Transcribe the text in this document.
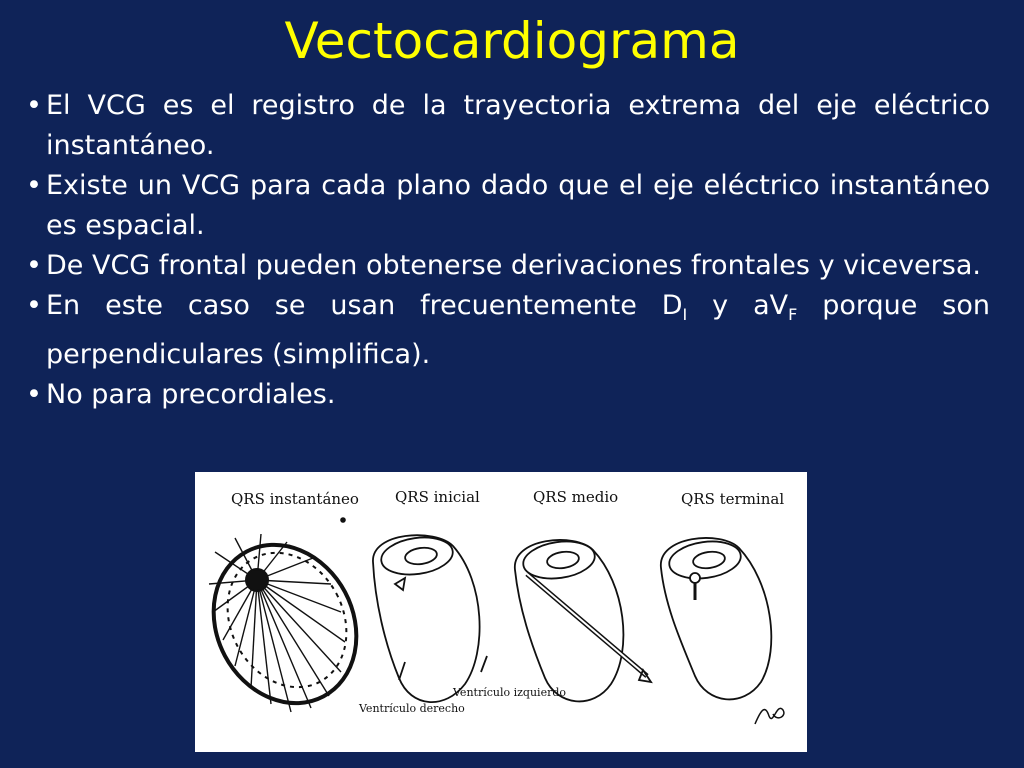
Vectocardiograma
• El VCG es el registro de la trayectoria extrema del eje eléctrico instantáneo.
• Existe un VCG para cada plano dado que el eje eléctrico instantáneo es espacial.
• De VCG frontal pueden obtenerse derivaciones frontales y viceversa.
• En este caso se usan frecuentemente $D_I$ y $aV_F$ porque son perpendiculares (simplifica).
• No para precordiales.
QRS instantáneo QRS inicial	QRS medio	QRS terminal
Ventrículo derecho
Ventrículo izquierdo
